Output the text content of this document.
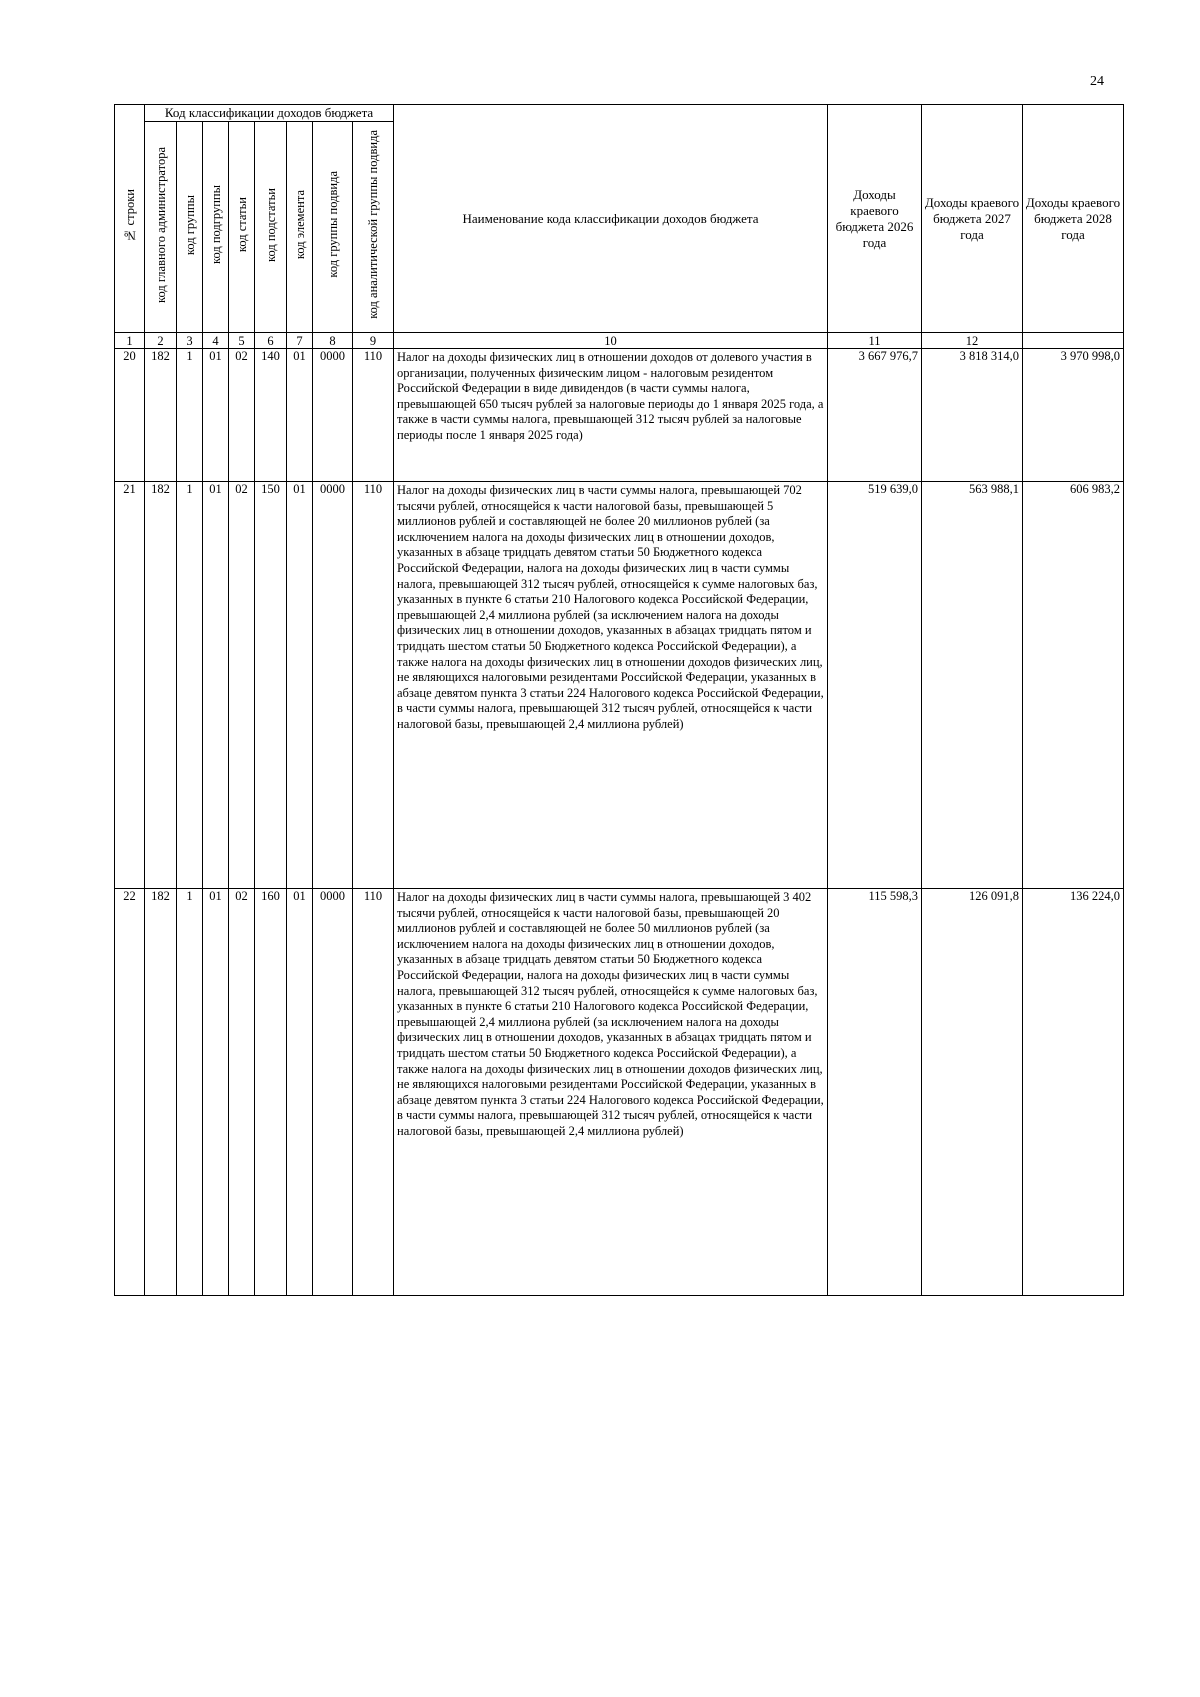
24
№ строки	Код классификации доходов бюджета								Наименование кода классификации доходов бюджета	Доходы краевого бюджета 2026 года	Доходы краевого бюджета 2027 года	Доходы краевого бюджета 2028 года
	код главного администратора	код группы	код подгруппы	код статьи	код подстатьи	код элемента	код группы подвида	код аналитической группы подвида				
1	2	3	4	5	6	7	8	9	10	11	12	
20	182	1	01	02	140	01	0000	110	Налог на доходы физических лиц в отношении доходов от долевого участия в организации, полученных физическим лицом - налоговым резидентом Российской Федерации в виде дивидендов (в части суммы налога, превышающей 650 тысяч рублей за налоговые периоды до 1 января 2025 года, а также в части суммы налога, превышающей 312 тысяч рублей за налоговые периоды после 1 января 2025 года)	3 667 976,7	3 818 314,0	3 970 998,0
21	182	1	01	02	150	01	0000	110	Налог на доходы физических лиц в части суммы налога, превышающей 702 тысячи рублей, относящейся к части налоговой базы, превышающей 5 миллионов рублей и составляющей не более 20 миллионов рублей (за исключением налога на доходы физических лиц в отношении доходов, указанных в абзаце тридцать девятом статьи 50 Бюджетного кодекса Российской Федерации, налога на доходы физических лиц в части суммы налога, превышающей 312 тысяч рублей, относящейся к сумме налоговых баз, указанных в пункте 6 статьи 210 Налогового кодекса Российской Федерации, превышающей 2,4 миллиона рублей (за исключением налога на доходы физических лиц в отношении доходов, указанных в абзацах тридцать пятом и тридцать шестом статьи 50 Бюджетного кодекса Российской Федерации), а также налога на доходы физических лиц в отношении доходов физических лиц, не являющихся налоговыми резидентами Российской Федерации, указанных в абзаце девятом пункта 3 статьи 224 Налогового кодекса Российской Федерации, в части суммы налога, превышающей 312 тысяч рублей, относящейся к части налоговой базы, превышающей 2,4 миллиона рублей)	519 639,0	563 988,1	606 983,2
22	182	1	01	02	160	01	0000	110	Налог на доходы физических лиц в части суммы налога, превышающей 3 402 тысячи рублей, относящейся к части налоговой базы, превышающей 20 миллионов рублей и составляющей не более 50 миллионов рублей (за исключением налога на доходы физических лиц в отношении доходов, указанных в абзаце тридцать девятом статьи 50 Бюджетного кодекса Российской Федерации, налога на доходы физических лиц в части суммы налога, превышающей 312 тысяч рублей, относящейся к сумме налоговых баз, указанных в пункте 6 статьи 210 Налогового кодекса Российской Федерации, превышающей 2,4 миллиона рублей (за исключением налога на доходы физических лиц в отношении доходов, указанных в абзацах тридцать пятом и тридцать шестом статьи 50 Бюджетного кодекса Российской Федерации), а также налога на доходы физических лиц в отношении доходов физических лиц, не являющихся налоговыми резидентами Российской Федерации, указанных в абзаце девятом пункта 3 статьи 224 Налогового кодекса Российской Федерации, в части суммы налога, превышающей 312 тысяч рублей, относящейся к части налоговой базы, превышающей 2,4 миллиона рублей)	115 598,3	126 091,8	136 224,0
